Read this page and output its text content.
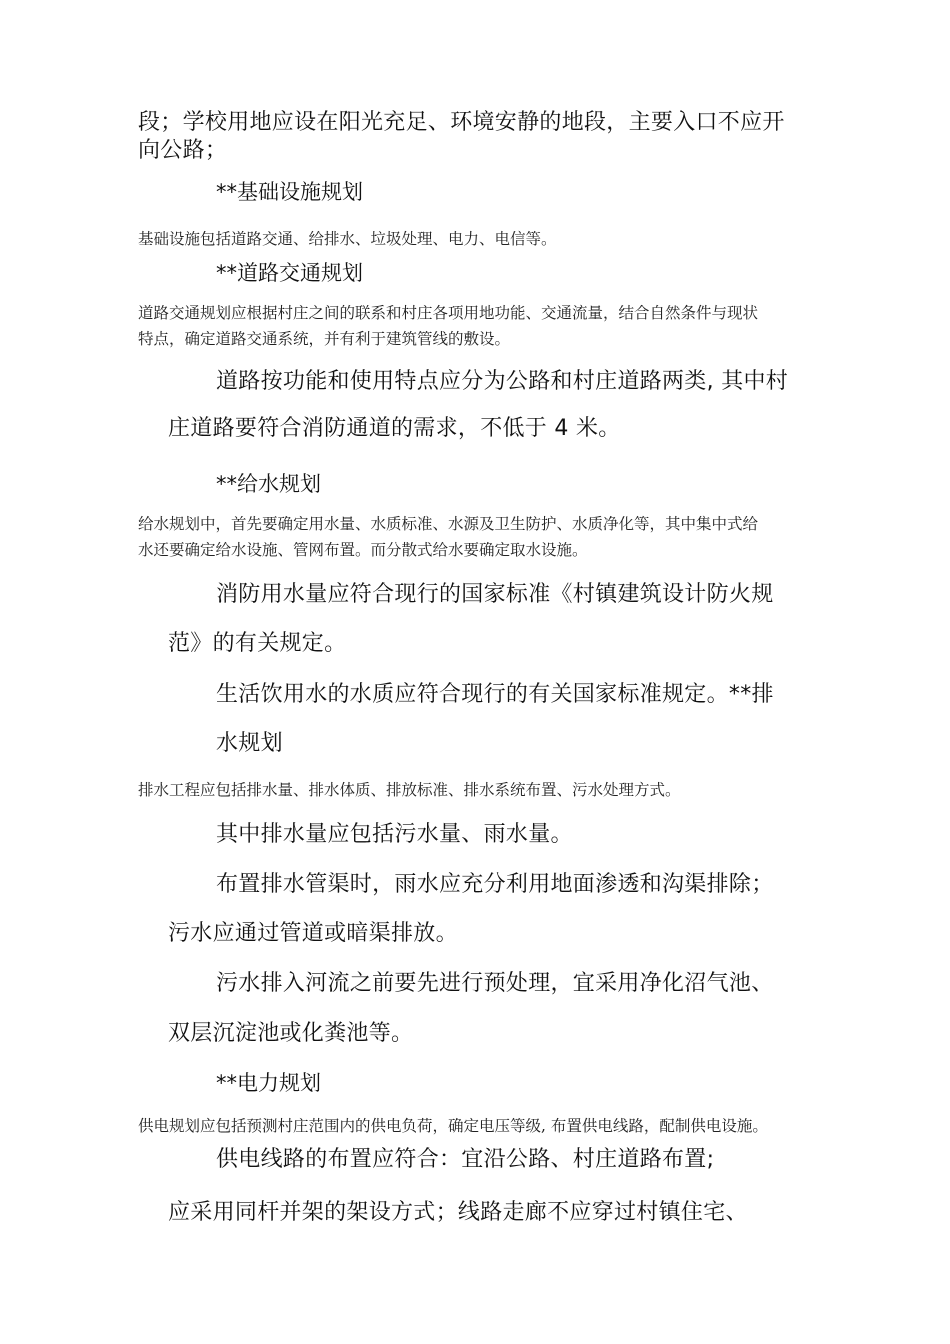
段；学校用地应设在阳光充足、环境安静的地段，主要入口不应开

向公路；

**基础设施规划

基础设施包括道路交通、给排水、垃圾处理、电力、电信等。

**道路交通规划

道路交通规划应根据村庄之间的联系和村庄各项用地功能、交通流量，结合自然条件与现状

特点，确定道路交通系统，并有利于建筑管线的敷设。

道路按功能和使用特点应分为公路和村庄道路两类, 其中村

庄道路要符合消防通道的需求，不低于 4 米。

**给水规划

给水规划中，首先要确定用水量、水质标准、水源及卫生防护、水质净化等，其中集中式给

水还要确定给水设施、管网布置。而分散式给水要确定取水设施。

消防用水量应符合现行的国家标准《村镇建筑设计防火规

范》的有关规定。

生活饮用水的水质应符合现行的有关国家标准规定。**排

水规划

排水工程应包括排水量、排水体质、排放标准、排水系统布置、污水处理方式。

其中排水量应包括污水量、雨水量。

布置排水管渠时，雨水应充分利用地面渗透和沟渠排除；

污水应通过管道或暗渠排放。

污水排入河流之前要先进行预处理，宜采用净化沼气池、

双层沉淀池或化粪池等。

**电力规划

供电规划应包括预测村庄范围内的供电负荷，确定电压等级, 布置供电线路，配制供电设施。

供电线路的布置应符合：宜沿公路、村庄道路布置;

应采用同杆并架的架设方式；线路走廊不应穿过村镇住宅、
